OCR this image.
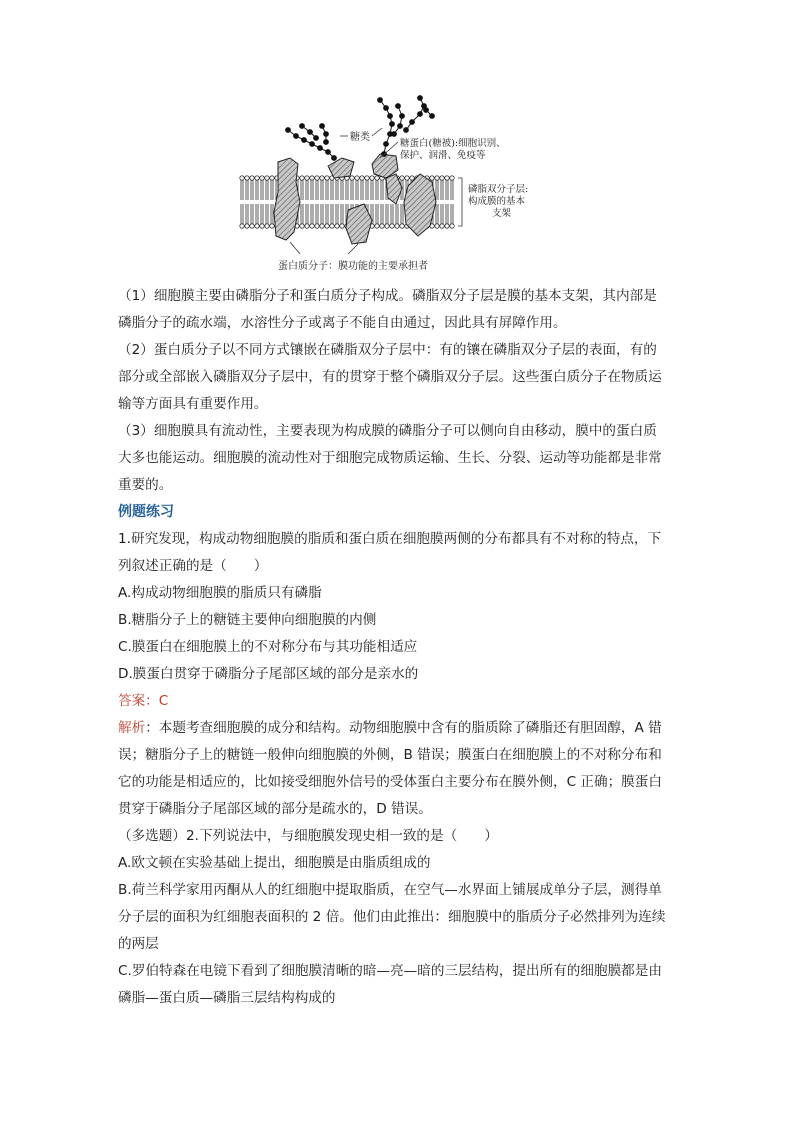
糖类
糖蛋白(糖被):细胞识别、
保护、润滑、免疫等
磷脂双分子层:
构成膜的基本
支架
蛋白质分子：膜功能的主要承担者

（1）细胞膜主要由磷脂分子和蛋白质分子构成。磷脂双分子层是膜的基本支架，其内部是

磷脂分子的疏水端，水溶性分子或离子不能自由通过，因此具有屏障作用。

（2）蛋白质分子以不同方式镶嵌在磷脂双分子层中：有的镶在磷脂双分子层的表面，有的

部分或全部嵌入磷脂双分子层中，有的贯穿于整个磷脂双分子层。这些蛋白质分子在物质运

输等方面具有重要作用。

（3）细胞膜具有流动性，主要表现为构成膜的磷脂分子可以侧向自由移动，膜中的蛋白质

大多也能运动。细胞膜的流动性对于细胞完成物质运输、生长、分裂、运动等功能都是非常

重要的。

例题练习

1.研究发现，构成动物细胞膜的脂质和蛋白质在细胞膜两侧的分布都具有不对称的特点，下

列叙述正确的是（　　）

A.构成动物细胞膜的脂质只有磷脂

B.糖脂分子上的糖链主要伸向细胞膜的内侧

C.膜蛋白在细胞膜上的不对称分布与其功能相适应

D.膜蛋白贯穿于磷脂分子尾部区域的部分是亲水的

答案：C

解析：本题考查细胞膜的成分和结构。动物细胞膜中含有的脂质除了磷脂还有胆固醇，A 错

误；糖脂分子上的糖链一般伸向细胞膜的外侧，B 错误；膜蛋白在细胞膜上的不对称分布和

它的功能是相适应的，比如接受细胞外信号的受体蛋白主要分布在膜外侧，C 正确；膜蛋白

贯穿于磷脂分子尾部区域的部分是疏水的，D 错误。

（多选题）2.下列说法中，与细胞膜发现史相一致的是（　　）

A.欧文顿在实验基础上提出，细胞膜是由脂质组成的

B.荷兰科学家用丙酮从人的红细胞中提取脂质，在空气—水界面上铺展成单分子层，测得单

分子层的面积为红细胞表面积的 2 倍。他们由此推出：细胞膜中的脂质分子必然排列为连续

的两层

C.罗伯特森在电镜下看到了细胞膜清晰的暗—亮—暗的三层结构，提出所有的细胞膜都是由

磷脂—蛋白质—磷脂三层结构构成的
